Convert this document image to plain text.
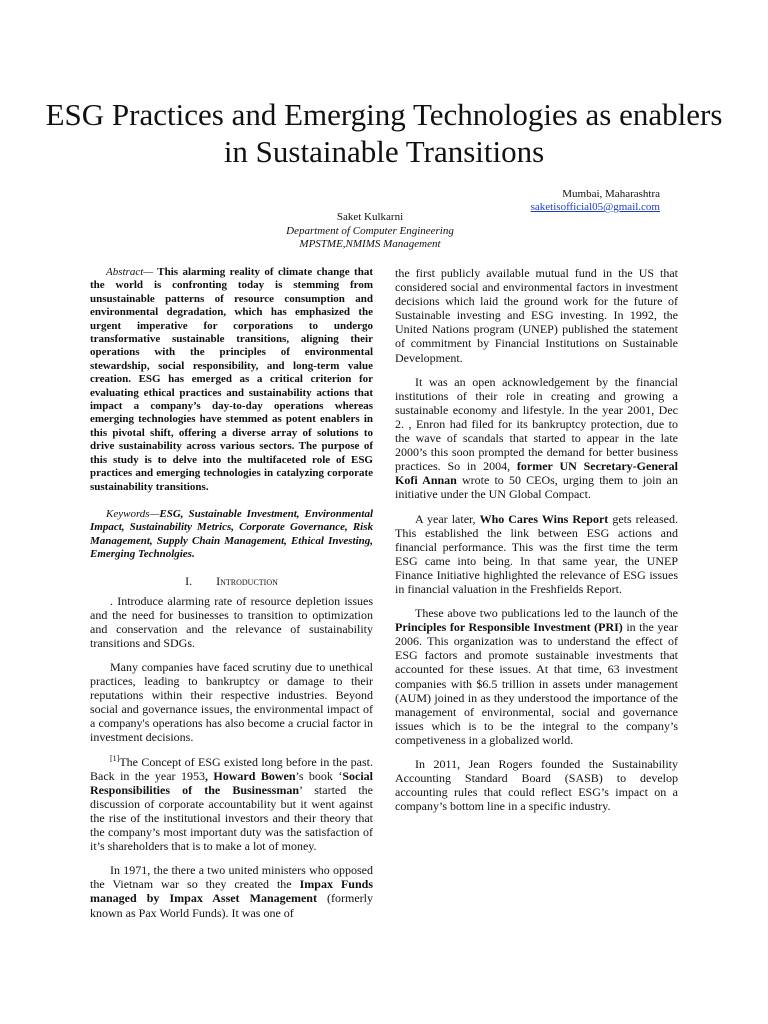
ESG Practices and Emerging Technologies as enablers in Sustainable Transitions
Mumbai, Maharashtra
saketisofficial05@gmail.com
Saket Kulkarni
Department of Computer Engineering
MPSTME,NMIMS Management

Abstract— This alarming reality of climate change that the world is confronting today is stemming from unsustainable patterns of resource consumption and environmental degradation, which has emphasized the urgent imperative for corporations to undergo transformative sustainable transitions, aligning their operations with the principles of environmental stewardship, social responsibility, and long-term value creation. ESG has emerged as a critical criterion for evaluating ethical practices and sustainability actions that impact a company’s day-to-day operations whereas emerging technologies have stemmed as potent enablers in this pivotal shift, offering a diverse array of solutions to drive sustainability across various sectors. The purpose of this study is to delve into the multifaceted role of ESG practices and emerging technologies in catalyzing corporate sustainability transitions.

Keywords—ESG, Sustainable Investment, Environmental Impact, Sustainability Metrics, Corporate Governance, Risk Management, Supply Chain Management, Ethical Investing, Emerging Technolgies.

I. Introduction

. Introduce alarming rate of resource depletion issues and the need for businesses to transition to optimization and conservation and the relevance of sustainability transitions and SDGs.

Many companies have faced scrutiny due to unethical practices, leading to bankruptcy or damage to their reputations within their respective industries. Beyond social and governance issues, the environmental impact of a company's operations has also become a crucial factor in investment decisions.

[1]The Concept of ESG existed long before in the past. Back in the year 1953, Howard Bowen’s book ‘Social Responsibilities of the Businessman’ started the discussion of corporate accountability but it went against the rise of the institutional investors and their theory that the company’s most important duty was the satisfaction of it’s shareholders that is to make a lot of money.

In 1971, the there a two united ministers who opposed the Vietnam war so they created the Impax Funds managed by Impax Asset Management (formerly known as Pax World Funds). It was one of

the first publicly available mutual fund in the US that considered social and environmental factors in investment decisions which laid the ground work for the future of Sustainable investing and ESG investing. In 1992, the United Nations program (UNEP) published the statement of commitment by Financial Institutions on Sustainable Development.

It was an open acknowledgement by the financial institutions of their role in creating and growing a sustainable economy and lifestyle. In the year 2001, Dec 2. , Enron had filed for its bankruptcy protection, due to the wave of scandals that started to appear in the late 2000’s this soon prompted the demand for better business practices. So in 2004, former UN Secretary-General Kofi Annan wrote to 50 CEOs, urging them to join an initiative under the UN Global Compact.

A year later, Who Cares Wins Report gets released. This established the link between ESG actions and financial performance. This was the first time the term ESG came into being. In that same year, the UNEP Finance Initiative highlighted the relevance of ESG issues in financial valuation in the Freshfields Report.

These above two publications led to the launch of the Principles for Responsible Investment (PRI) in the year 2006. This organization was to understand the effect of ESG factors and promote sustainable investments that accounted for these issues. At that time, 63 investment companies with $6.5 trillion in assets under management (AUM) joined in as they understood the importance of the management of environmental, social and governance issues which is to be the integral to the company’s competiveness in a globalized world.

In 2011, Jean Rogers founded the Sustainability Accounting Standard Board (SASB) to develop accounting rules that could reflect ESG’s impact on a company’s bottom line in a specific industry.
